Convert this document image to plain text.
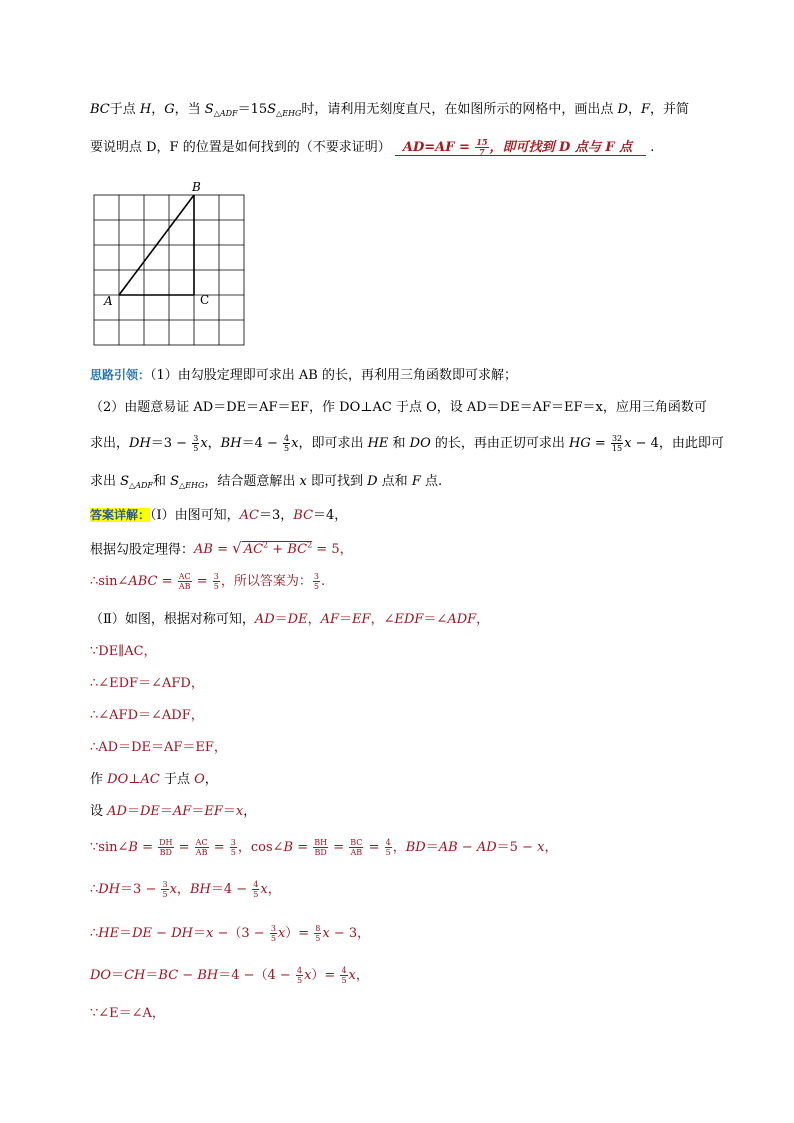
BC于点 H，G，当 $S_{\triangle ADF}=15S_{\triangle EHG}$时，请利用无刻度直尺，在如图所示的网格中，画出点 D，F，并简
要说明点 D，F 的位置是如何找到的（不要求证明） $AD=AF = \frac{15}{7}$ ，即可找到 D 点与 F 点 .
A
B
C
思路引领：（1）由勾股定理即可求出 AB 的长，再利用三角函数即可求解；
（2）由题意易证 AD＝DE＝AF＝EF，作 DO⊥AC 于点 O，设 AD＝DE＝AF＝EF＝x，应用三角函数可
求出，$DH=3 - \frac{3}{5}$ x，$BH=4 - \frac{4}{5}$ x，即可求出 HE 和 DO 的长，再由正切可求出 HG = $\frac{32}{15}$ x − 4，由此即可
求出 $S_{\triangle ADF}$和 $S_{\triangle EHG}$，结合题意解出 x 即可找到 D 点和 F 点.
答案详解：（Ⅰ）由图可知，AC＝3，BC＝4，
根据勾股定理得：AB = √ $AC^2 + BC^2 = 5$，
∴sin∠ABC = $\frac{AC}{AB} = \frac{3}{5}$ ，所以答案为： $\frac{3}{5}$ .
（Ⅱ）如图，根据对称可知，AD＝DE，AF＝EF，∠EDF＝∠ADF，
∵DE∥AC，
∴∠EDF＝∠AFD，
∴∠AFD＝∠ADF，
∴AD＝DE＝AF＝EF，
作 DO⊥AC 于点 O，
设 AD＝DE＝AF＝EF＝x，
∵sin∠B = $\frac{DH}{BD} = \frac{AC}{AB} = \frac{3}{5}$ ，cos∠B = $\frac{BH}{BD} = \frac{BC}{AB} = \frac{4}{5}$ ，BD＝AB − AD＝5 − x，
∴DH＝3 − $\frac{3}{5}$ x，$BH=4 - \frac{4}{5}$ x，
∴HE＝DE − $DH=x -(3 - \frac{3}{5} x)= \frac{8}{5}$ x − 3，
$DO=CH=BC - BH=4 -(4 - \frac{4}{5} x)= \frac{4}{5}$ x，
∵∠E＝∠A，
